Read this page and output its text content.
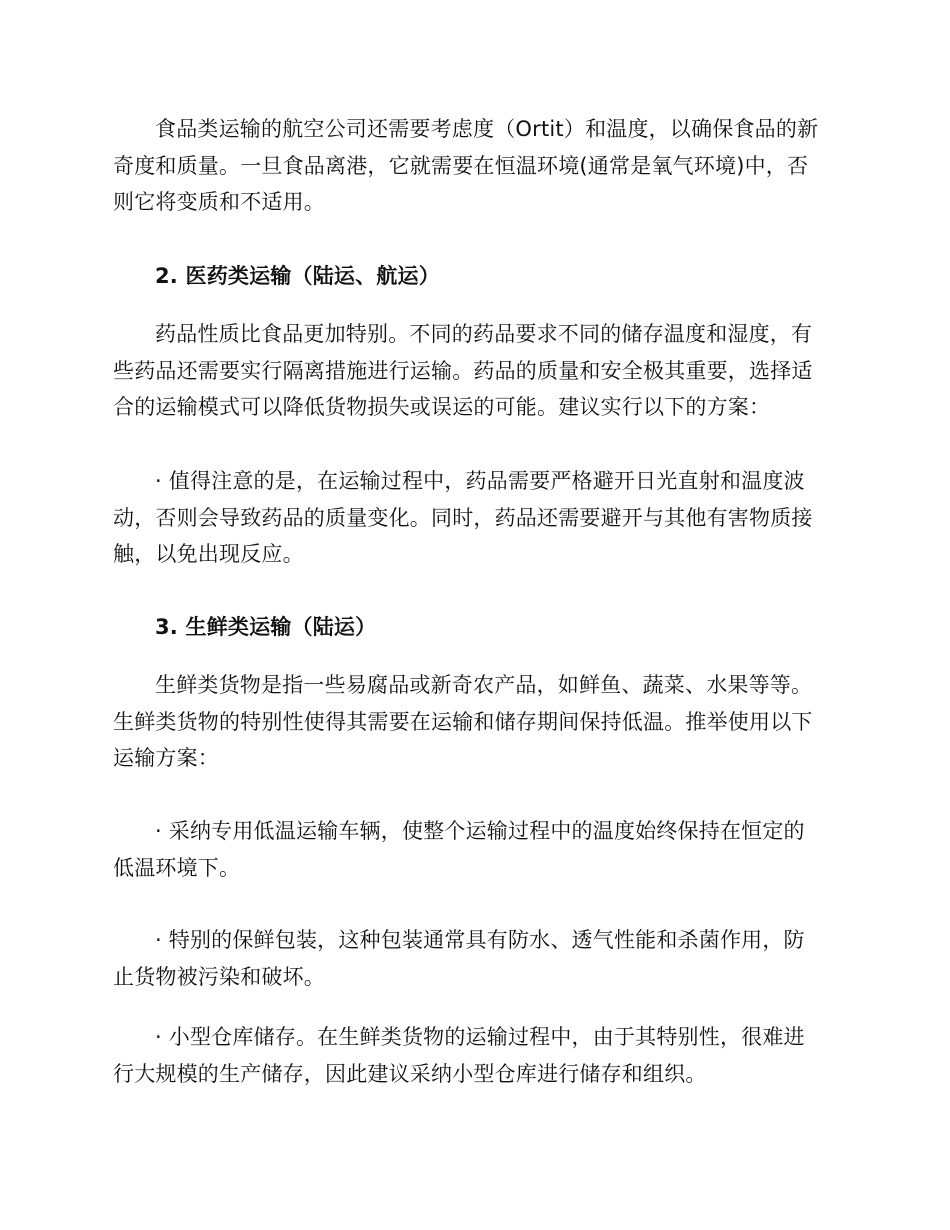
食品类运输的航空公司还需要考虑度（Ortit）和温度，以确保食品的新
奇度和质量。一旦食品离港，它就需要在恒温环境(通常是氧气环境)中，否
则它将变质和不适用。

2. 医药类运输（陆运、航运）

药品性质比食品更加特别。不同的药品要求不同的储存温度和湿度，有
些药品还需要实行隔离措施进行运输。药品的质量和安全极其重要，选择适
合的运输模式可以降低货物损失或误运的可能。建议实行以下的方案：

· 值得注意的是，在运输过程中，药品需要严格避开日光直射和温度波
动，否则会导致药品的质量变化。同时，药品还需要避开与其他有害物质接
触，以免出现反应。

3. 生鲜类运输（陆运）

生鲜类货物是指一些易腐品或新奇农产品，如鲜鱼、蔬菜、水果等等。
生鲜类货物的特别性使得其需要在运输和储存期间保持低温。推举使用以下
运输方案：

· 采纳专用低温运输车辆，使整个运输过程中的温度始终保持在恒定的
低温环境下。

· 特别的保鲜包装，这种包装通常具有防水、透气性能和杀菌作用，防
止货物被污染和破坏。

· 小型仓库储存。在生鲜类货物的运输过程中，由于其特别性，很难进
行大规模的生产储存，因此建议采纳小型仓库进行储存和组织。
